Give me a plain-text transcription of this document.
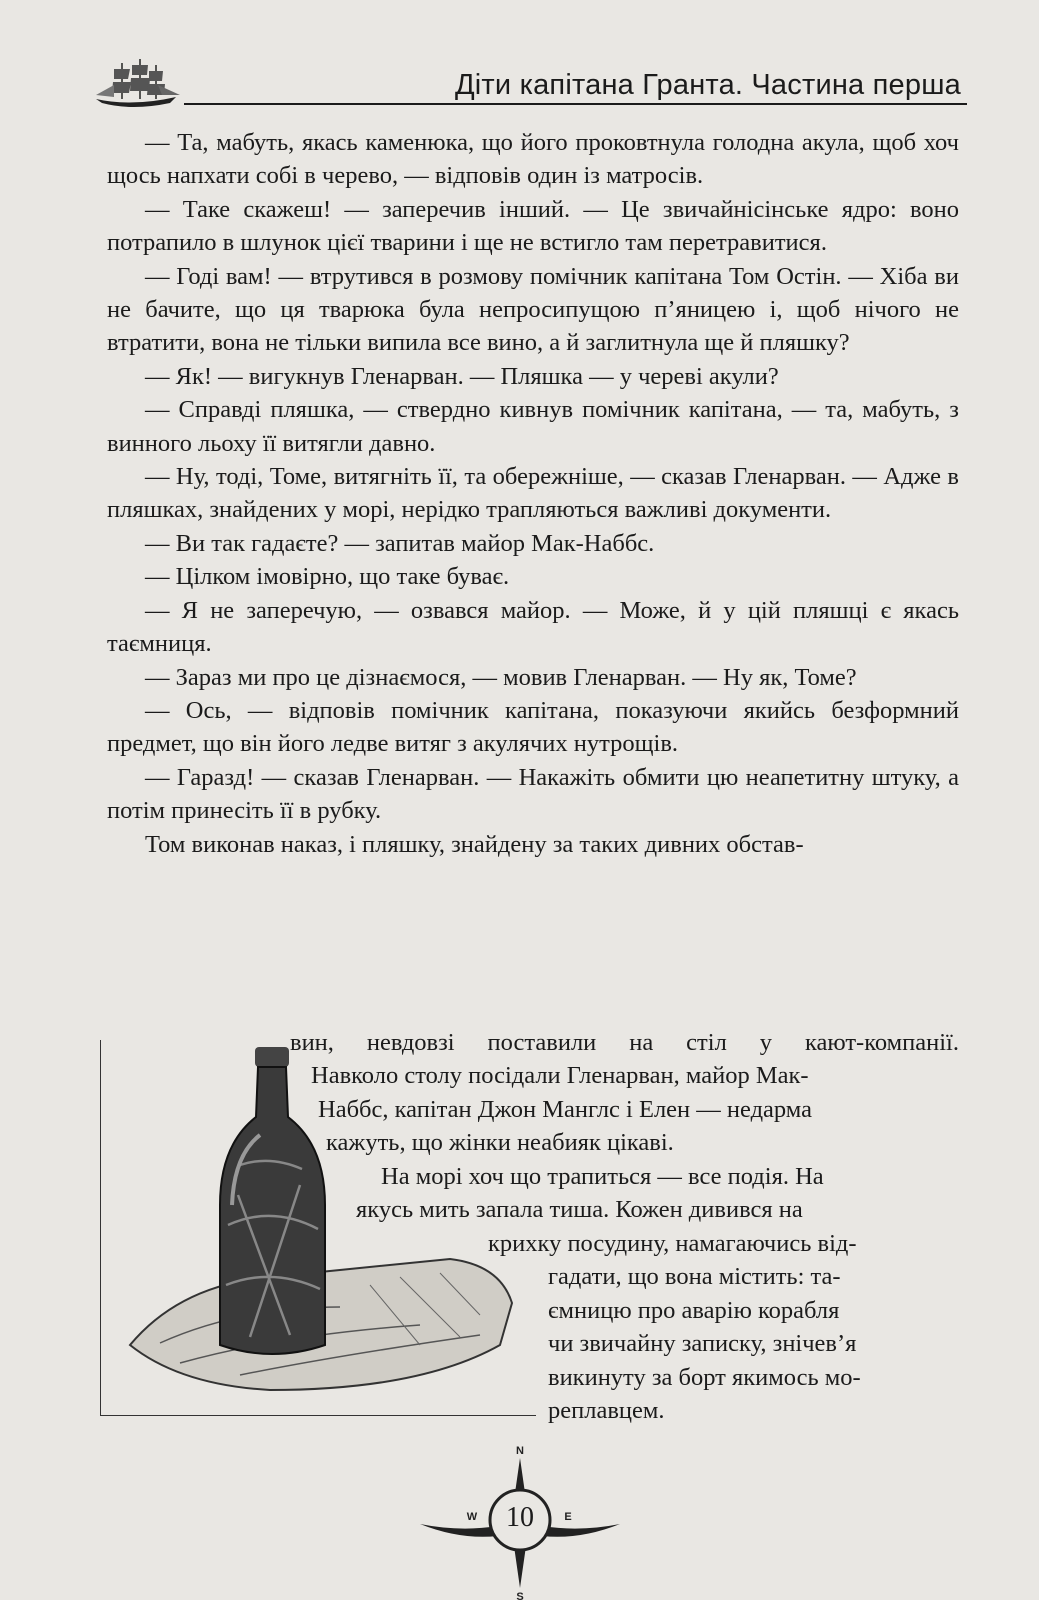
Діти капітана Гранта. Частина перша

— Та, мабуть, якась каменюка, що його проковтнула голодна акула, щоб хоч щось напхати собі в черево, — відповів один із матросів.

— Таке скажеш! — заперечив інший. — Це звичайнісінське ядро: воно потрапило в шлунок цієї тварини і ще не встигло там перетравитися.

— Годі вам! — втрутився в розмову помічник капітана Том Остін. — Хіба ви не бачите, що ця тварюка була непросипущою п’яницею і, щоб нічого не втратити, вона не тільки випила все вино, а й заглитнула ще й пляшку?

— Як! — вигукнув Гленарван. — Пляшка — у череві акули?

— Справді пляшка, — ствердно кивнув помічник капітана, — та, мабуть, з винного льоху її витягли давно.

— Ну, тоді, Томе, витягніть її, та обережніше, — сказав Гленарван. — Адже в пляшках, знайдених у морі, нерідко трапляються важливі документи.

— Ви так гадаєте? — запитав майор Мак-Наббс.

— Цілком імовірно, що таке буває.

— Я не заперечую, — озвався майор. — Може, й у цій пляшці є якась таємниця.

— Зараз ми про це дізнаємося, — мовив Гленарван. — Ну як, Томе?

— Ось, — відповів помічник капітана, показуючи якийсь безформний предмет, що він його ледве витяг з акулячих нутрощів.

— Гаразд! — сказав Гленарван. — Накажіть обмити цю неапетитну штуку, а потім принесіть її в рубку.

Том виконав наказ, і пляшку, знайдену за таких дивних обстав-

вин, невдовзі поставили на стіл у кают-компанії.
Навколо столу посідали Гленарван, майор Мак-
Наббс, капітан Джон Манглс і Елен — недарма
кажуть, що жінки неабияк цікаві.
На морі хоч що трапиться — все подія. На
якусь мить запала тиша. Кожен дивився на
крихку посудину, намагаючись від-
гадати, що вона містить: та-
ємницю про аварію корабля
чи звичайну записку, знічев’я
викинуту за борт якимось мо-
реплавцем.
N
E
S
W 10
